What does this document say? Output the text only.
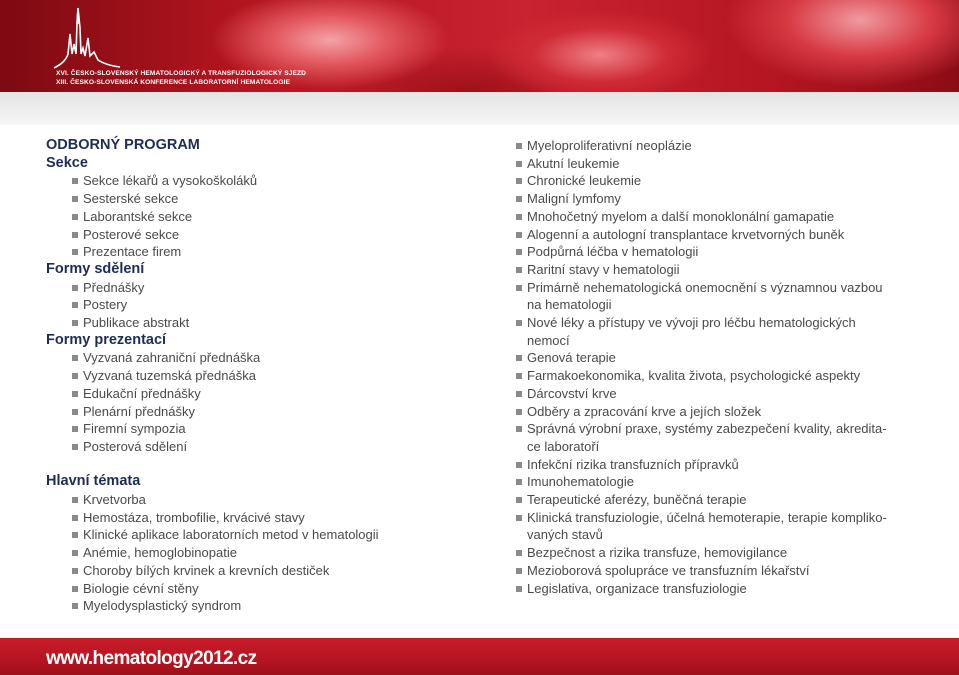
XVI. ČESKO-SLOVENSKÝ HEMATOLOGICKÝ A TRANSFUZIOLOGICKÝ SJEZD
XIII. ČESKO-SLOVENSKÁ KONFERENCE LABORATORNÍ HEMATOLOGIE
ODBORNÝ PROGRAM
Sekce
Sekce lékařů a vysokoškoláků
Sesterské sekce
Laborantské sekce
Posterové sekce
Prezentace firem
Formy sdělení
Přednášky
Postery
Publikace abstrakt
Formy prezentací
Vyzvaná zahraniční přednáška
Vyzvaná tuzemská přednáška
Edukační přednášky
Plenární přednášky
Firemní sympozia
Posterová sdělení
Hlavní témata
Krvetvorba
Hemostáza, trombofilie, krvácivé stavy
Klinické aplikace laboratorních metod v hematologii
Anémie, hemoglobinopatie
Choroby bílých krvinek a krevních destiček
Biologie cévní stěny
Myelodysplastický syndrom
Myeloproliferativní neoplázie
Akutní leukemie
Chronické leukemie
Maligní lymfomy
Mnohočetný myelom a další monoklonální gamapatie
Alogenní a autologní transplantace krvetvorných buněk
Podpůrná léčba v hematologii
Raritní stavy v hematologii
Primárně nehematologická onemocnění s významnou vazbou
na hematologii
Nové léky a přístupy ve vývoji pro léčbu hematologických
nemocí
Genová terapie
Farmakoekonomika, kvalita života, psychologické aspekty
Dárcovství krve
Odběry a zpracování krve a jejích složek
Správná výrobní praxe, systémy zabezpečení kvality, akredita-
ce laboratoří
Infekční rizika transfuzních přípravků
Imunohematologie
Terapeutické aferézy, buněčná terapie
Klinická transfuziologie, účelná hemoterapie, terapie kompliko-
vaných stavů
Bezpečnost a rizika transfuze, hemovigilance
Mezioborová spolupráce ve transfuzním lékařství
Legislativa, organizace transfuziologie
www.hematology2012.cz
